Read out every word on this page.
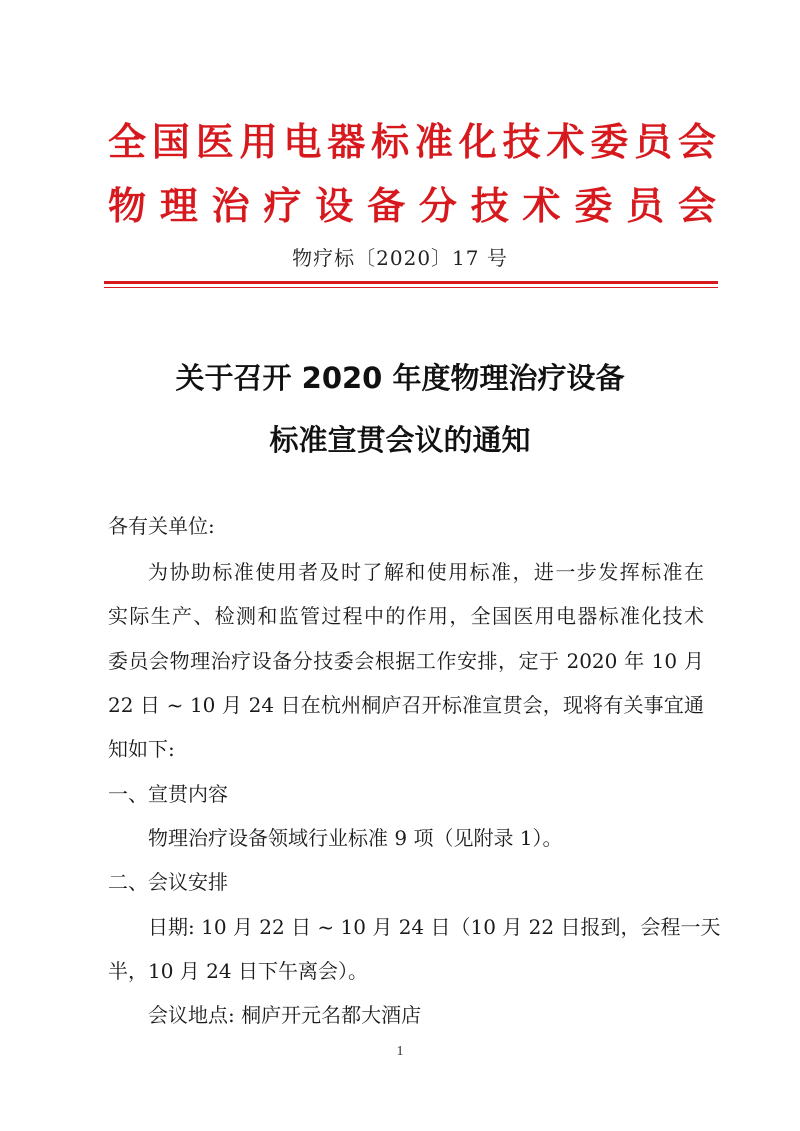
全国医用电器标准化技术委员会
物理治疗设备分技术委员会
物疗标〔2020〕17 号
关于召开 2020 年度物理治疗设备
标准宣贯会议的通知
各有关单位:
为协助标准使用者及时了解和使用标准，进一步发挥标准在
实际生产、检测和监管过程中的作用，全国医用电器标准化技术
委员会物理治疗设备分技委会根据工作安排，定于 2020 年 10 月
22 日 ~ 10 月 24 日在杭州桐庐召开标准宣贯会，现将有关事宜通
知如下:
一、宣贯内容
物理治疗设备领域行业标准 9 项（见附录 1）。
二、会议安排
日期: 10 月 22 日 ~ 10 月 24 日（10 月 22 日报到，会程一天
半，10 月 24 日下午离会）。
会议地点: 桐庐开元名都大酒店
1
